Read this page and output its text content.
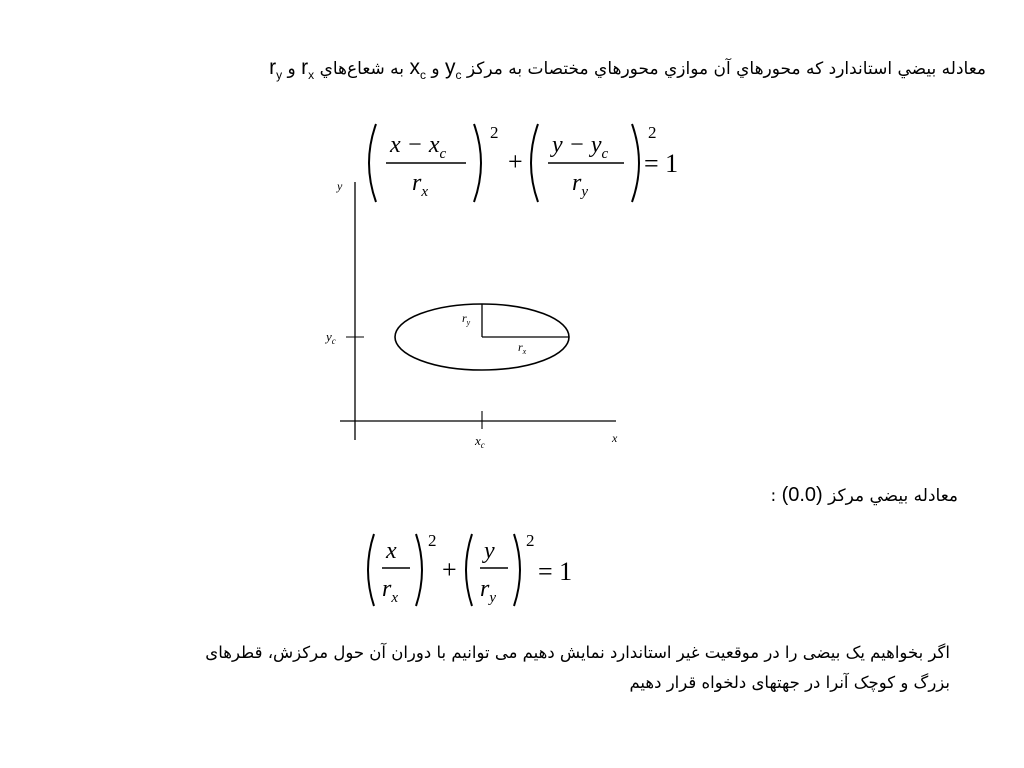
معادله بيضي استاندارد که محورهاي آن موازي محورهاي مختصات به مرکز $y_c$ و $x_c$ به شعاع‌هاي $r_x$ و $r_y$
$x - x_c$
$r_x$
2
+
$y - y_c$
$r_y$
2
= 1
y
x
$y_c$
$x_c$
$r_y$
$r_x$
معادله بيضي مرکز (0.0) :
x
$r_x$
2
+
y
$r_y$
2
= 1
اگر بخواهیم یک بیضی را در موقعیت غیر استاندارد نمایش دهیم می توانیم با دوران آن حول مرکزش، قطرهای
بزرگ و کوچک آنرا در جهتهای دلخواه قرار دهیم
